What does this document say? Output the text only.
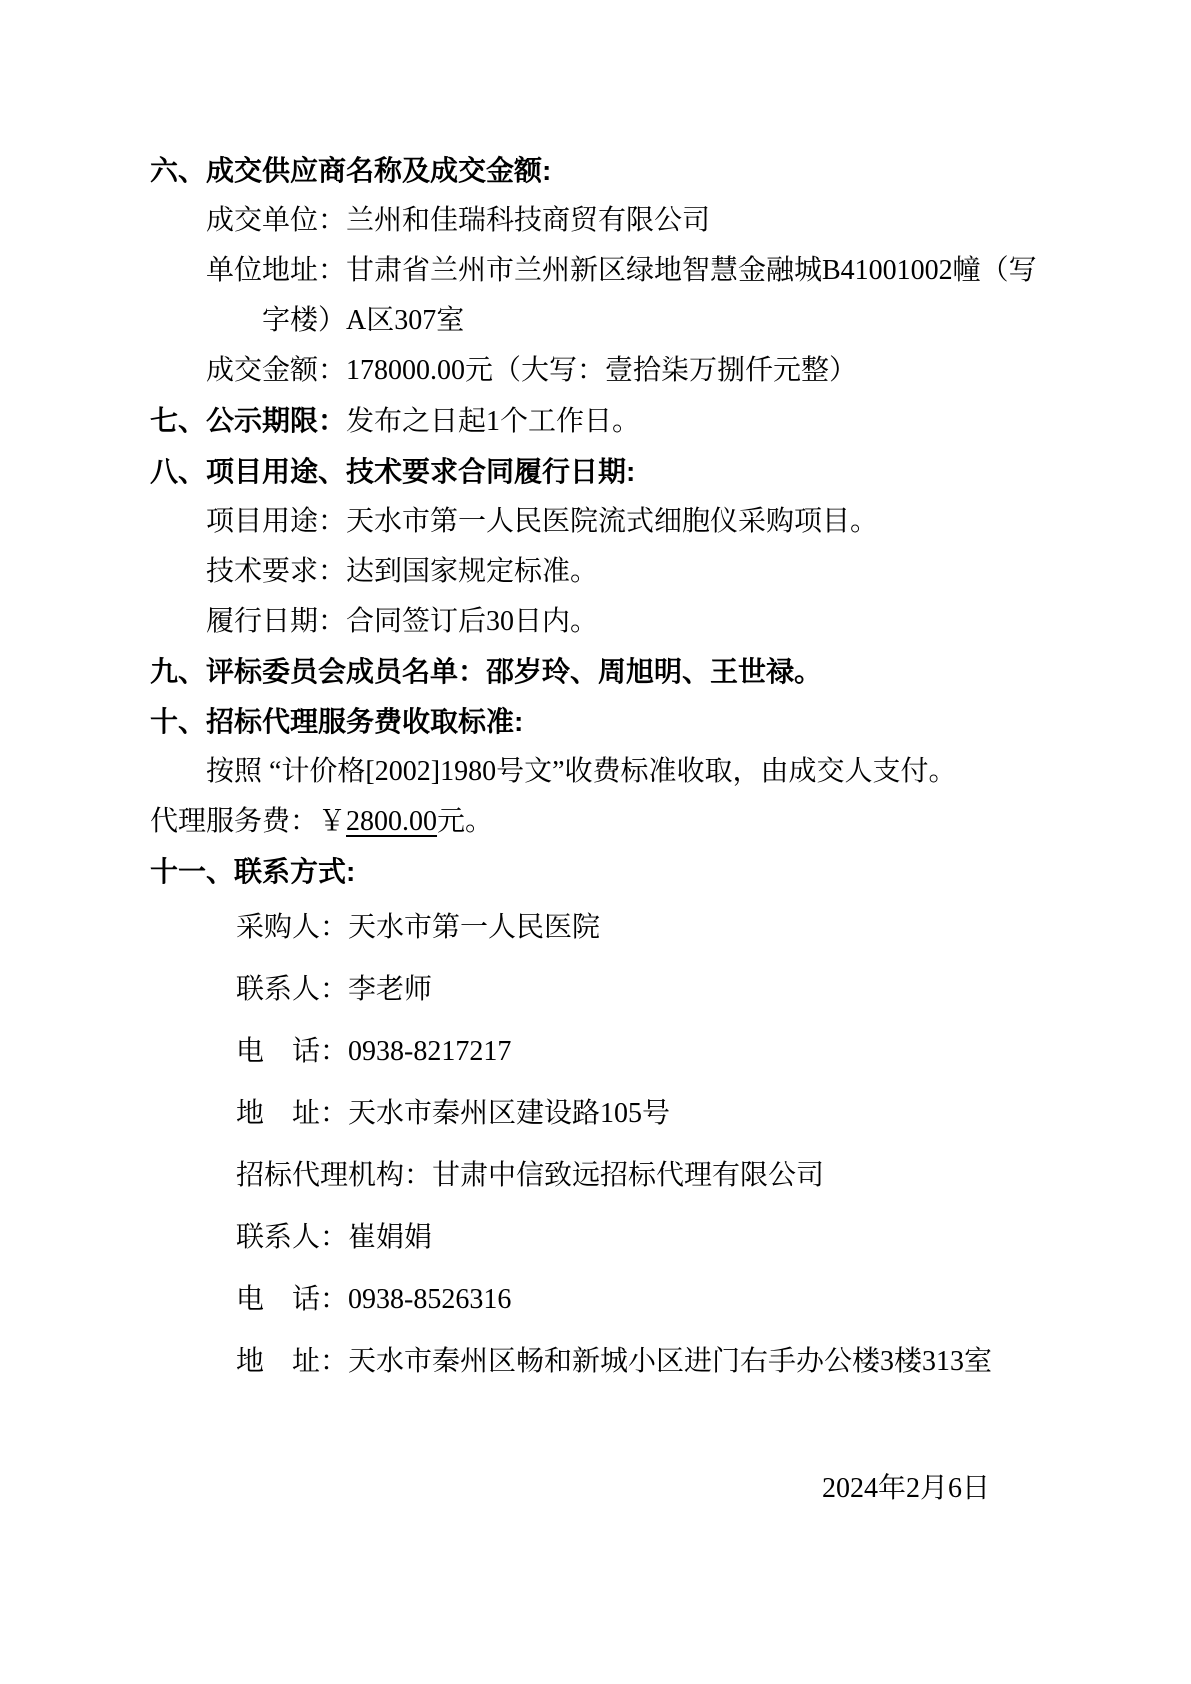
六、成交供应商名称及成交金额:
成交单位：兰州和佳瑞科技商贸有限公司
单位地址：甘肃省兰州市兰州新区绿地智慧金融城B41001002幢（写
字楼）A区307室
成交金额：178000.00元（大写：壹拾柒万捌仟元整）
七、公示期限：发布之日起1个工作日。
八、项目用途、技术要求合同履行日期:
项目用途：天水市第一人民医院流式细胞仪采购项目。
技术要求：达到国家规定标准。
履行日期：合同签订后30日内。
九、评标委员会成员名单：邵岁玲、周旭明、王世禄。
十、招标代理服务费收取标准:
按照 “计价格[2002]1980号文”收费标准收取，由成交人支付。
代理服务费：￥2800.00元。
十一、联系方式:
采购人：天水市第一人民医院
联系人：李老师
电　话：0938-8217217
地　址：天水市秦州区建设路105号
招标代理机构：甘肃中信致远招标代理有限公司
联系人：崔娟娟
电　话：0938-8526316
地　址：天水市秦州区畅和新城小区进门右手办公楼3楼313室
2024年2月6日
